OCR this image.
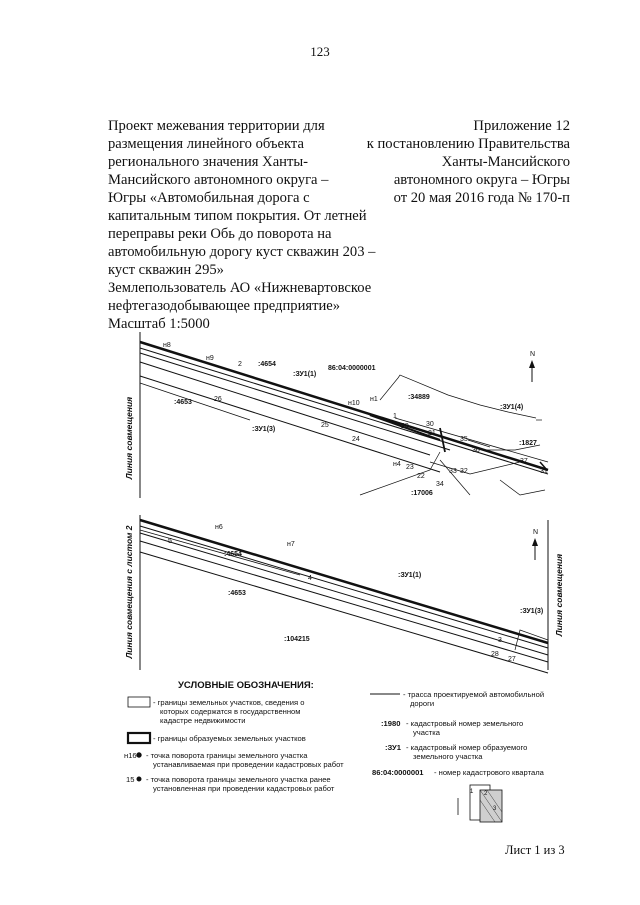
123
Проект межевания территории для
размещения линейного объекта
регионального значения Ханты-
Мансийского автономного округа –
Югры «Автомобильная дорога с
капитальным типом покрытия. От летней
переправы реки Обь до поворота на
автомобильную дорогу куст скважин 203 –
куст скважин 295»
Землепользователь АО «Нижневартовское
нефтегазодобывающее предприятие»
Масштаб 1:5000
Приложение 12
к постановлению Правительства
Ханты-Мансийского
автономного округа – Югры
от 20 мая 2016 года № 170-п
Линия совмещения
N
н8
н9
2 :4654
86:04:0000001
:ЗУ1(1)
:4653	26
н10
н1	:34889
:ЗУ1(4)
1
25
:ЗУ1(3)	29 30
24
21
35
:1827
36
37
31
н4 23
33 32
22
34
:17006
Линия совмещения с листом 2	Линия совмещения
N
н6
5
:4654
н7
4	:ЗУ1(1)
:4653
:ЗУ1(3)
:104215	3
28
27
УСЛОВНЫЕ ОБОЗНАЧЕНИЯ:
- границы земельных участков, сведения о
которых содержатся в государственном
кадастре недвижимости
- границы образуемых земельных участков
н16 - точка поворота границы земельного участка
устанавливаемая при проведении кадастровых работ
15 - точка поворота границы земельного участка ранее
установленная при проведении кадастровых работ
- трасса проектируемой автомобильной
дороги
:1980 - кадастровый номер земельного
участка
:ЗУ1 - кадастровый номер образуемого
земельного участка
86:04:0000001 - номер кадастрового квартала
1 2
3
Лист 1 из 3
